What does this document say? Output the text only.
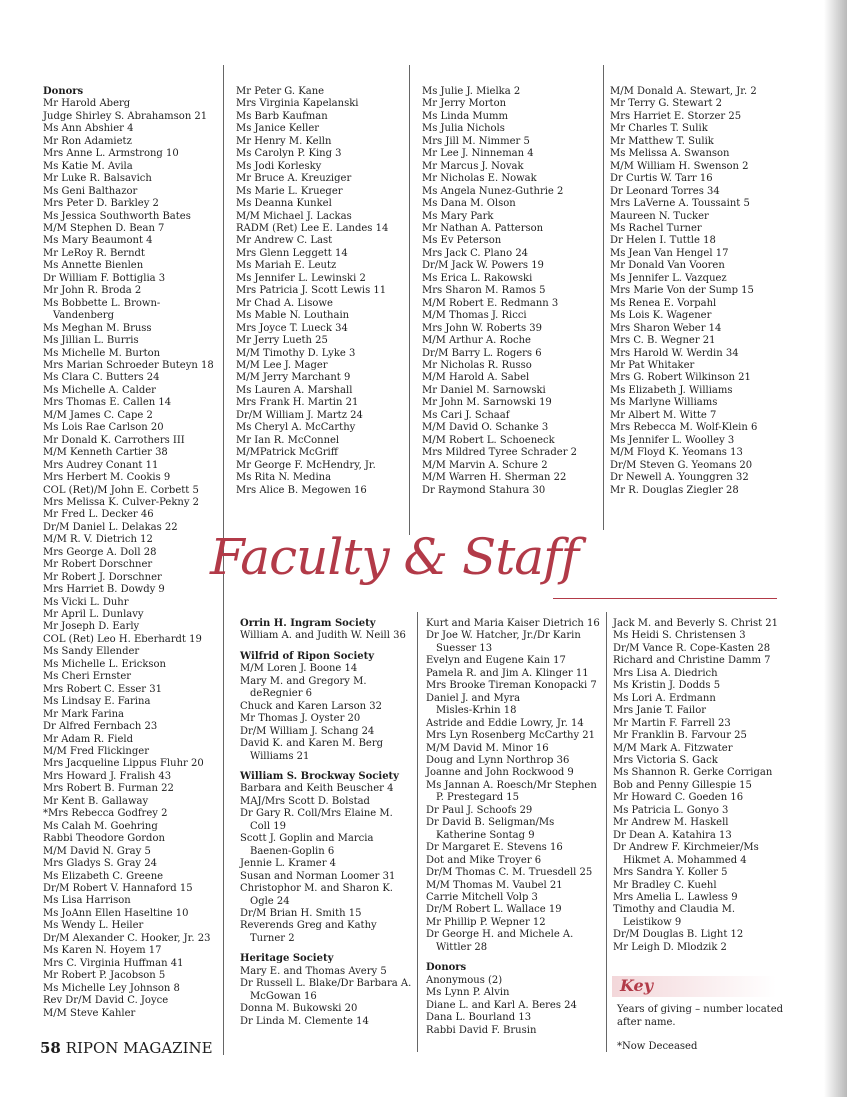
Donors
Mr Harold Aberg
Judge Shirley S. Abrahamson 21
Ms Ann Abshier 4
Mr Ron Adamietz
Mrs Anne L. Armstrong 10
Ms Katie M. Avila
Mr Luke R. Balsavich
Ms Geni Balthazor
Mrs Peter D. Barkley 2
Ms Jessica Southworth Bates
M/M Stephen D. Bean 7
Ms Mary Beaumont 4
Mr LeRoy R. Berndt
Ms Annette Bienlen
Dr William F. Bottiglia 3
Mr John R. Broda 2
Ms Bobbette L. Brown-
Vandenberg
Ms Meghan M. Bruss
Ms Jillian L. Burris
Ms Michelle M. Burton
Mrs Marian Schroeder Buteyn 18
Ms Clara C. Butters 24
Ms Michelle A. Calder
Mrs Thomas E. Callen 14
M/M James C. Cape 2
Ms Lois Rae Carlson 20
Mr Donald K. Carrothers III
M/M Kenneth Cartier 38
Mrs Audrey Conant 11
Mrs Herbert M. Cookis 9
COL (Ret)/M John E. Corbett 5
Mrs Melissa K. Culver-Pekny 2
Mr Fred L. Decker 46
Dr/M Daniel L. Delakas 22
M/M R. V. Dietrich 12
Mrs George A. Doll 28
Mr Robert Dorschner
Mr Robert J. Dorschner
Mrs Harriet B. Dowdy 9
Ms Vicki L. Duhr
Mr April L. Dunlavy
Mr Joseph D. Early
COL (Ret) Leo H. Eberhardt 19
Ms Sandy Ellender
Ms Michelle L. Erickson
Ms Cheri Ernster
Mrs Robert C. Esser 31
Ms Lindsay E. Farina
Mr Mark Farina
Dr Alfred Fernbach 23
Mr Adam R. Field
M/M Fred Flickinger
Mrs Jacqueline Lippus Fluhr 20
Mrs Howard J. Fralish 43
Mrs Robert B. Furman 22
Mr Kent B. Gallaway
*Mrs Rebecca Godfrey 2
Ms Calah M. Goehring
Rabbi Theodore Gordon
M/M David N. Gray 5
Mrs Gladys S. Gray 24
Ms Elizabeth C. Greene
Dr/M Robert V. Hannaford 15
Ms Lisa Harrison
Ms JoAnn Ellen Haseltine 10
Ms Wendy L. Heiler
Dr/M Alexander C. Hooker, Jr. 23
Ms Karen N. Hoyem 17
Mrs C. Virginia Huffman 41
Mr Robert P. Jacobson 5
Ms Michelle Ley Johnson 8
Rev Dr/M David C. Joyce
M/M Steve Kahler
Mr Peter G. Kane
Mrs Virginia Kapelanski
Ms Barb Kaufman
Ms Janice Keller
Mr Henry M. Kelln
Ms Carolyn P. King 3
Ms Jodi Korlesky
Mr Bruce A. Kreuziger
Ms Marie L. Krueger
Ms Deanna Kunkel
M/M Michael J. Lackas
RADM (Ret) Lee E. Landes 14
Mr Andrew C. Last
Mrs Glenn Leggett 14
Ms Mariah E. Leutz
Ms Jennifer L. Lewinski 2
Mrs Patricia J. Scott Lewis 11
Mr Chad A. Lisowe
Ms Mable N. Louthain
Mrs Joyce T. Lueck 34
Mr Jerry Lueth 25
M/M Timothy D. Lyke 3
M/M Lee J. Mager
M/M Jerry Marchant 9
Ms Lauren A. Marshall
Mrs Frank H. Martin 21
Dr/M William J. Martz 24
Ms Cheryl A. McCarthy
Mr Ian R. McConnel
M/MPatrick McGriff
Mr George F. McHendry, Jr.
Ms Rita N. Medina
Mrs Alice B. Megowen 16
Ms Julie J. Mielka 2
Mr Jerry Morton
Ms Linda Mumm
Ms Julia Nichols
Mrs Jill M. Nimmer 5
Mr Lee J. Ninneman 4
Mr Marcus J. Novak
Mr Nicholas E. Nowak
Ms Angela Nunez-Guthrie 2
Ms Dana M. Olson
Ms Mary Park
Mr Nathan A. Patterson
Ms Ev Peterson
Mrs Jack C. Plano 24
Dr/M Jack W. Powers 19
Ms Erica L. Rakowski
Mrs Sharon M. Ramos 5
M/M Robert E. Redmann 3
M/M Thomas J. Ricci
Mrs John W. Roberts 39
M/M Arthur A. Roche
Dr/M Barry L. Rogers 6
Mr Nicholas R. Russo
M/M Harold A. Sabel
Mr Daniel M. Sarnowski
Mr John M. Sarnowski 19
Ms Cari J. Schaaf
M/M David O. Schanke 3
M/M Robert L. Schoeneck
Mrs Mildred Tyree Schrader 2
M/M Marvin A. Schure 2
M/M Warren H. Sherman 22
Dr Raymond Stahura 30
M/M Donald A. Stewart, Jr. 2
Mr Terry G. Stewart 2
Mrs Harriet E. Storzer 25
Mr Charles T. Sulik
Mr Matthew T. Sulik
Ms Melissa A. Swanson
M/M William H. Swenson 2
Dr Curtis W. Tarr 16
Dr Leonard Torres 34
Mrs LaVerne A. Toussaint 5
Maureen N. Tucker
Ms Rachel Turner
Dr Helen I. Tuttle 18
Ms Jean Van Hengel 17
Mr Donald Van Vooren
Ms Jennifer L. Vazquez
Mrs Marie Von der Sump 15
Ms Renea E. Vorpahl
Ms Lois K. Wagener
Mrs Sharon Weber 14
Mrs C. B. Wegner 21
Mrs Harold W. Werdin 34
Mr Pat Whitaker
Mrs G. Robert Wilkinson 21
Ms Elizabeth J. Williams
Ms Marlyne Williams
Mr Albert M. Witte 7
Mrs Rebecca M. Wolf-Klein 6
Ms Jennifer L. Woolley 3
M/M Floyd K. Yeomans 13
Dr/M Steven G. Yeomans 20
Dr Newell A. Younggren 32
Mr R. Douglas Ziegler 28
Faculty & Staff
Orrin H. Ingram Society
William A. and Judith W. Neill 36
Wilfrid of Ripon Society
M/M Loren J. Boone 14
Mary M. and Gregory M.
deRegnier 6
Chuck and Karen Larson 32
Mr Thomas J. Oyster 20
Dr/M William J. Schang 24
David K. and Karen M. Berg
Williams 21
William S. Brockway Society
Barbara and Keith Beuscher 4
MAJ/Mrs Scott D. Bolstad
Dr Gary R. Coll/Mrs Elaine M.
Coll 19
Scott J. Goplin and Marcia
Baenen-Goplin 6
Jennie L. Kramer 4
Susan and Norman Loomer 31
Christophor M. and Sharon K.
Ogle 24
Dr/M Brian H. Smith 15
Reverends Greg and Kathy
Turner 2
Heritage Society
Mary E. and Thomas Avery 5
Dr Russell L. Blake/Dr Barbara A.
McGowan 16
Donna M. Bukowski 20
Dr Linda M. Clemente 14
Kurt and Maria Kaiser Dietrich 16
Dr Joe W. Hatcher, Jr./Dr Karin
Suesser 13
Evelyn and Eugene Kain 17
Pamela R. and Jim A. Klinger 11
Mrs Brooke Tireman Konopacki 7
Daniel J. and Myra
Misles-Krhin 18
Astride and Eddie Lowry, Jr. 14
Mrs Lyn Rosenberg McCarthy 21
M/M David M. Minor 16
Doug and Lynn Northrop 36
Joanne and John Rockwood 9
Ms Jannan A. Roesch/Mr Stephen
P. Prestegard 15
Dr Paul J. Schoofs 29
Dr David B. Seligman/Ms
Katherine Sontag 9
Dr Margaret E. Stevens 16
Dot and Mike Troyer 6
Dr/M Thomas C. M. Truesdell 25
M/M Thomas M. Vaubel 21
Carrie Mitchell Volp 3
Dr/M Robert L. Wallace 19
Mr Phillip P. Wepner 12
Dr George H. and Michele A.
Wittler 28
Donors
Anonymous (2)
Ms Lynn P. Alvin
Diane L. and Karl A. Beres 24
Dana L. Bourland 13
Rabbi David F. Brusin
Jack M. and Beverly S. Christ 21
Ms Heidi S. Christensen 3
Dr/M Vance R. Cope-Kasten 28
Richard and Christine Damm 7
Mrs Lisa A. Diedrich
Ms Kristin J. Dodds 5
Ms Lori A. Erdmann
Mrs Janie T. Failor
Mr Martin F. Farrell 23
Mr Franklin B. Farvour 25
M/M Mark A. Fitzwater
Mrs Victoria S. Gack
Ms Shannon R. Gerke Corrigan
Bob and Penny Gillespie 15
Mr Howard C. Goeden 16
Ms Patricia L. Gonyo 3
Mr Andrew M. Haskell
Dr Dean A. Katahira 13
Dr Andrew F. Kirchmeier/Ms
Hikmet A. Mohammed 4
Mrs Sandra Y. Koller 5
Mr Bradley C. Kuehl
Mrs Amelia L. Lawless 9
Timothy and Claudia M.
Leistikow 9
Dr/M Douglas B. Light 12
Mr Leigh D. Mlodzik 2
Key
Years of giving – number located after name.
*Now Deceased
58 RIPON MAGAZINE
